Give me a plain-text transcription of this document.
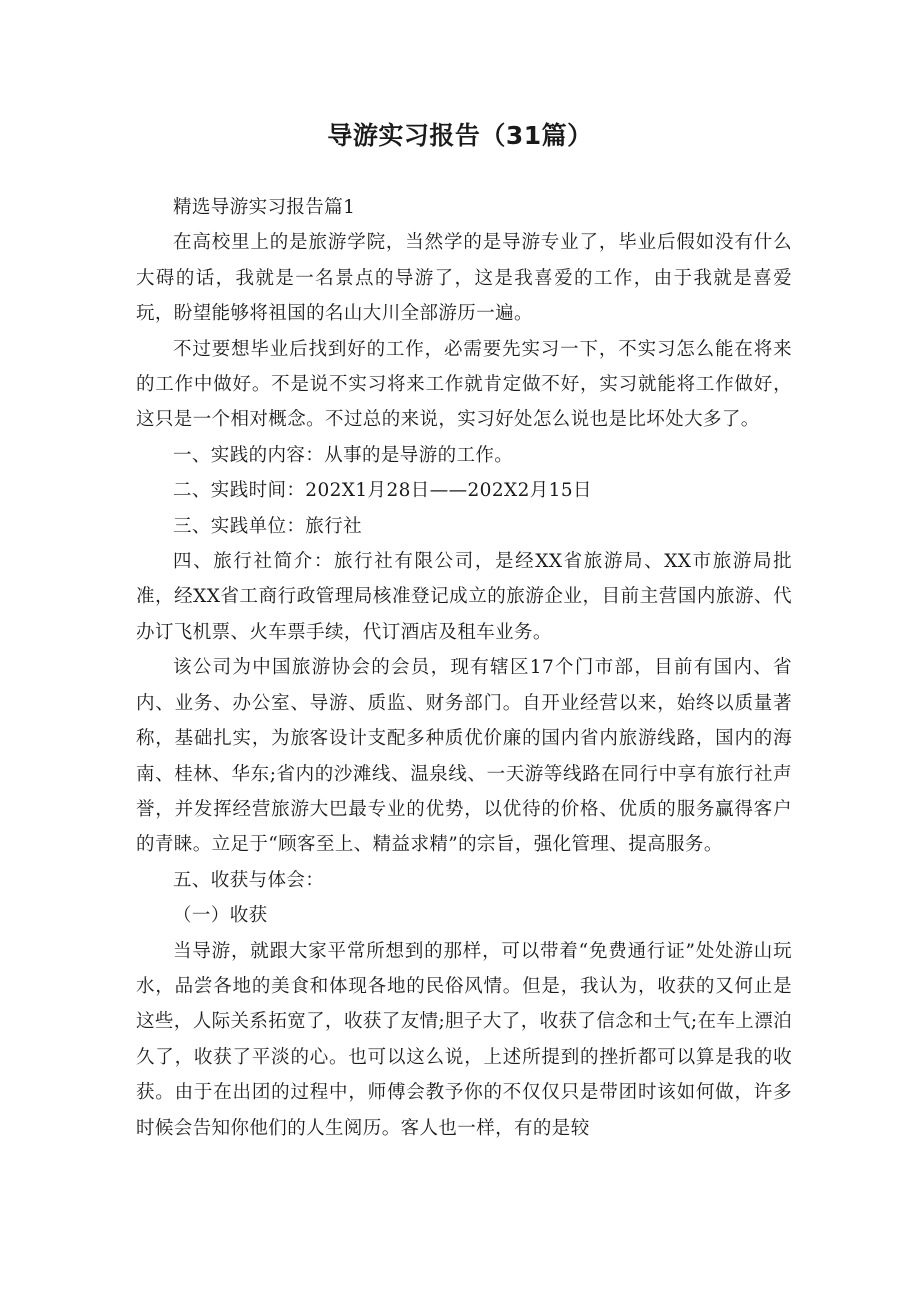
导游实习报告（31篇）

精选导游实习报告篇1

在高校里上的是旅游学院，当然学的是导游专业了，毕业后假如没有什么大碍的话，我就是一名景点的导游了，这是我喜爱的工作，由于我就是喜爱玩，盼望能够将祖国的名山大川全部游历一遍。

不过要想毕业后找到好的工作，必需要先实习一下，不实习怎么能在将来的工作中做好。不是说不实习将来工作就肯定做不好，实习就能将工作做好，这只是一个相对概念。不过总的来说，实习好处怎么说也是比坏处大多了。

一、实践的内容：从事的是导游的工作。

二、实践时间：202X1月28日——202X2月15日

三、实践单位：旅行社

四、旅行社简介：旅行社有限公司，是经XX省旅游局、XX市旅游局批准，经XX省工商行政管理局核准登记成立的旅游企业，目前主营国内旅游、代办订飞机票、火车票手续，代订酒店及租车业务。

该公司为中国旅游协会的会员，现有辖区17个门市部，目前有国内、省内、业务、办公室、导游、质监、财务部门。自开业经营以来，始终以质量著称，基础扎实，为旅客设计支配多种质优价廉的国内省内旅游线路，国内的海南、桂林、华东;省内的沙滩线、温泉线、一天游等线路在同行中享有旅行社声誉，并发挥经营旅游大巴最专业的优势，以优待的价格、优质的服务赢得客户的青睐。立足于“顾客至上、精益求精”的宗旨，强化管理、提高服务。

五、收获与体会：

（一）收获

当导游，就跟大家平常所想到的那样，可以带着“免费通行证”处处游山玩水，品尝各地的美食和体现各地的民俗风情。但是，我认为，收获的又何止是这些，人际关系拓宽了，收获了友情;胆子大了，收获了信念和士气;在车上漂泊久了，收获了平淡的心。也可以这么说，上述所提到的挫折都可以算是我的收获。由于在出团的过程中，师傅会教予你的不仅仅只是带团时该如何做，许多时候会告知你他们的人生阅历。客人也一样，有的是较
